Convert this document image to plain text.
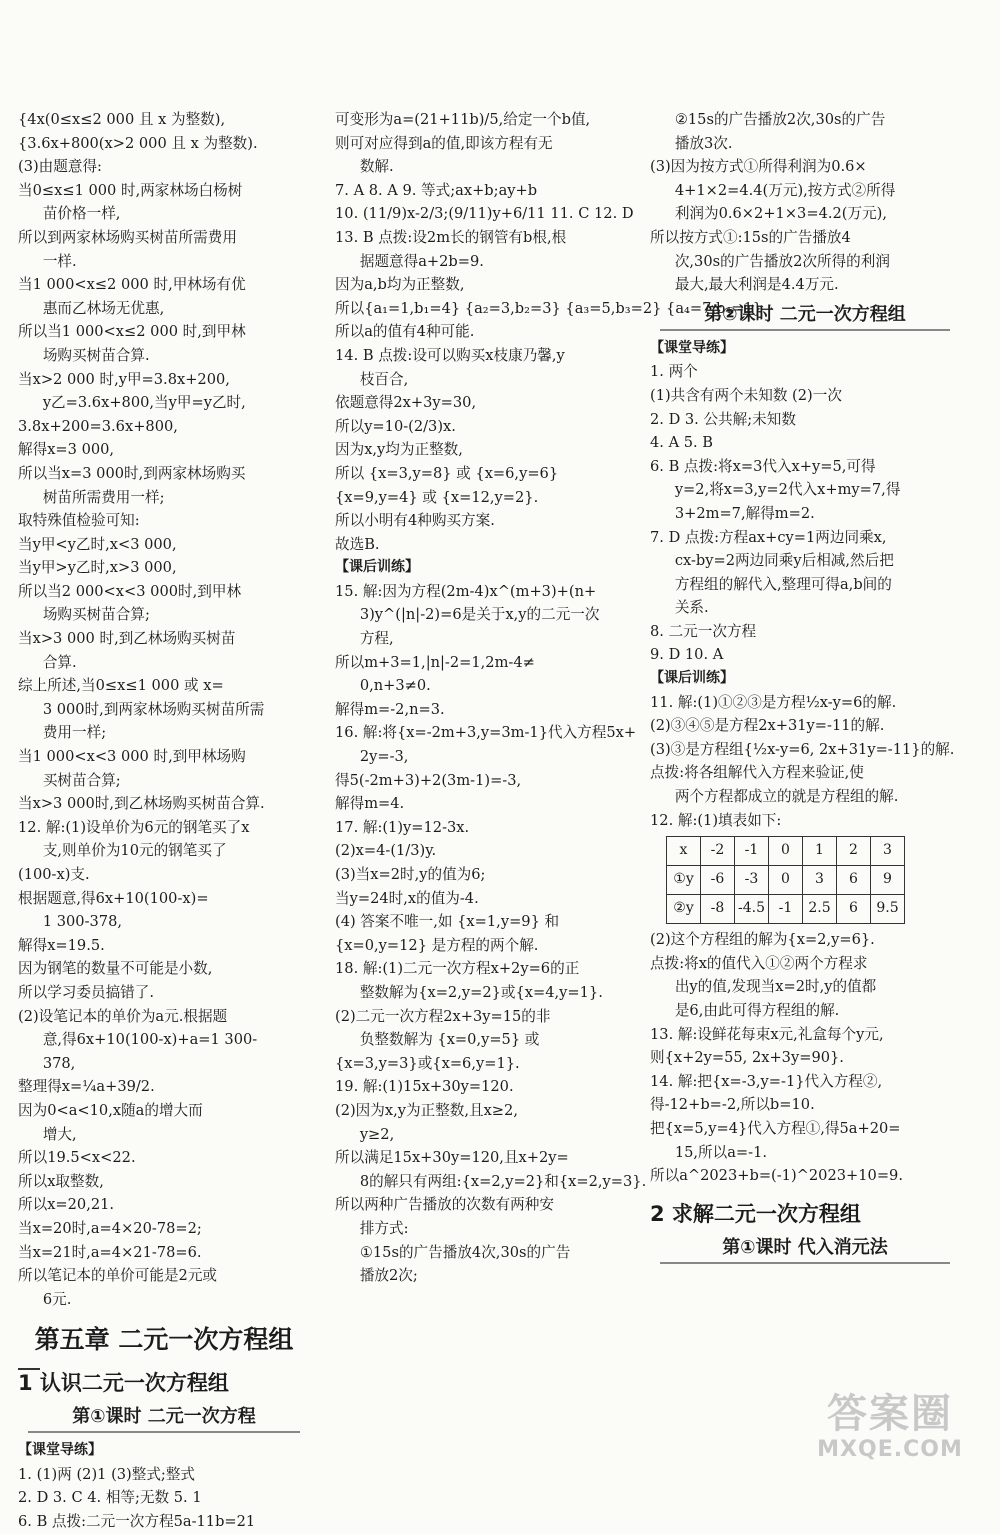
{4x(0≤x≤2 000 且 x 为整数),
{3.6x+800(x>2 000 且 x 为整数).
(3)由题意得:
当0≤x≤1 000 时,两家林场白杨树
苗价格一样,
所以到两家林场购买树苗所需费用
一样.
当1 000<x≤2 000 时,甲林场有优
惠而乙林场无优惠,
所以当1 000<x≤2 000 时,到甲林
场购买树苗合算.
当x>2 000 时,y甲=3.8x+200,
y乙=3.6x+800,当y甲=y乙时,
3.8x+200=3.6x+800,
解得x=3 000,
所以当x=3 000时,到两家林场购买
树苗所需费用一样;
取特殊值检验可知:
当y甲<y乙时,x<3 000,
当y甲>y乙时,x>3 000,
所以当2 000<x<3 000时,到甲林
场购买树苗合算;
当x>3 000 时,到乙林场购买树苗
合算.
综上所述,当0≤x≤1 000 或 x=
3 000时,到两家林场购买树苗所需
费用一样;
当1 000<x<3 000 时,到甲林场购
买树苗合算;
当x>3 000时,到乙林场购买树苗合算.
12. 解:(1)设单价为6元的钢笔买了x
支,则单价为10元的钢笔买了
(100-x)支.
根据题意,得6x+10(100-x)=
1 300-378,
解得x=19.5.
因为钢笔的数量不可能是小数,
所以学习委员搞错了.
(2)设笔记本的单价为a元.根据题
意,得6x+10(100-x)+a=1 300-
378,
整理得x=¼a+39/2.
因为0<a<10,x随a的增大而
增大,
所以19.5<x<22.
所以x取整数,
所以x=20,21.
当x=20时,a=4×20-78=2;
当x=21时,a=4×21-78=6.
所以笔记本的单价可能是2元或
6元.
第五章 二元一次方程组
1 认识二元一次方程组
第①课时 二元一次方程
【课堂导练】
1. (1)两 (2)1 (3)整式;整式
2. D 3. C 4. 相等;无数 5. 1
6. B 点拨:二元一次方程5a-11b=21
可变形为a=(21+11b)/5,给定一个b值,
则可对应得到a的值,即该方程有无
数解.
7. A 8. A 9. 等式;ax+b;ay+b
10. (11/9)x-2/3;(9/11)y+6/11 11. C 12. D
13. B 点拨:设2m长的钢管有b根,根
据题意得a+2b=9.
因为a,b均为正整数,
所以{a₁=1,b₁=4} {a₂=3,b₂=3} {a₃=5,b₃=2} {a₄=7,b₄=1}
所以a的值有4种可能.
14. B 点拨:设可以购买x枝康乃馨,y
枝百合,
依题意得2x+3y=30,
所以y=10-(2/3)x.
因为x,y均为正整数,
所以 {x=3,y=8} 或 {x=6,y=6}
{x=9,y=4} 或 {x=12,y=2}.
所以小明有4种购买方案.
故选B.
【课后训练】
15. 解:因为方程(2m-4)x^(m+3)+(n+
3)y^(|n|-2)=6是关于x,y的二元一次
方程,
所以m+3=1,|n|-2=1,2m-4≠
0,n+3≠0.
解得m=-2,n=3.
16. 解:将{x=-2m+3,y=3m-1}代入方程5x+
2y=-3,
得5(-2m+3)+2(3m-1)=-3,
解得m=4.
17. 解:(1)y=12-3x.
(2)x=4-(1/3)y.
(3)当x=2时,y的值为6;
当y=24时,x的值为-4.
(4) 答案不唯一,如 {x=1,y=9} 和
{x=0,y=12} 是方程的两个解.
18. 解:(1)二元一次方程x+2y=6的正
整数解为{x=2,y=2}或{x=4,y=1}.
(2)二元一次方程2x+3y=15的非
负整数解为 {x=0,y=5} 或
{x=3,y=3}或{x=6,y=1}.
19. 解:(1)15x+30y=120.
(2)因为x,y为正整数,且x≥2,
y≥2,
所以满足15x+30y=120,且x+2y=
8的解只有两组:{x=2,y=2}和{x=2,y=3}.
所以两种广告播放的次数有两种安
排方式:
①15s的广告播放4次,30s的广告
播放2次;
②15s的广告播放2次,30s的广告
播放3次.
(3)因为按方式①所得利润为0.6×
4+1×2=4.4(万元),按方式②所得
利润为0.6×2+1×3=4.2(万元),
所以按方式①:15s的广告播放4
次,30s的广告播放2次所得的利润
最大,最大利润是4.4万元.
第②课时 二元一次方程组
【课堂导练】
1. 两个
(1)共含有两个未知数 (2)一次
2. D 3. 公共解;未知数
4. A 5. B
6. B 点拨:将x=3代入x+y=5,可得
y=2,将x=3,y=2代入x+my=7,得
3+2m=7,解得m=2.
7. D 点拨:方程ax+cy=1两边同乘x,
cx-by=2两边同乘y后相减,然后把
方程组的解代入,整理可得a,b间的
关系.
8. 二元一次方程
9. D 10. A
【课后训练】
11. 解:(1)①②③是方程½x-y=6的解.
(2)③④⑤是方程2x+31y=-11的解.
(3)③是方程组{½x-y=6, 2x+31y=-11}的解.
点拨:将各组解代入方程来验证,使
两个方程都成立的就是方程组的解.
12. 解:(1)填表如下:
x	-2	-1	0	1	2	3
①y	-6	-3	0	3	6	9
②y	-8	-4.5	-1	2.5	6	9.5
(2)这个方程组的解为{x=2,y=6}.
点拨:将x的值代入①②两个方程求
出y的值,发现当x=2时,y的值都
是6,由此可得方程组的解.
13. 解:设鲜花每束x元,礼盒每个y元,
则{x+2y=55, 2x+3y=90}.
14. 解:把{x=-3,y=-1}代入方程②,
得-12+b=-2,所以b=10.
把{x=5,y=4}代入方程①,得5a+20=
15,所以a=-1.
所以a^2023+b=(-1)^2023+10=9.
2 求解二元一次方程组
第①课时 代入消元法
答案圈
MXQE.COM
